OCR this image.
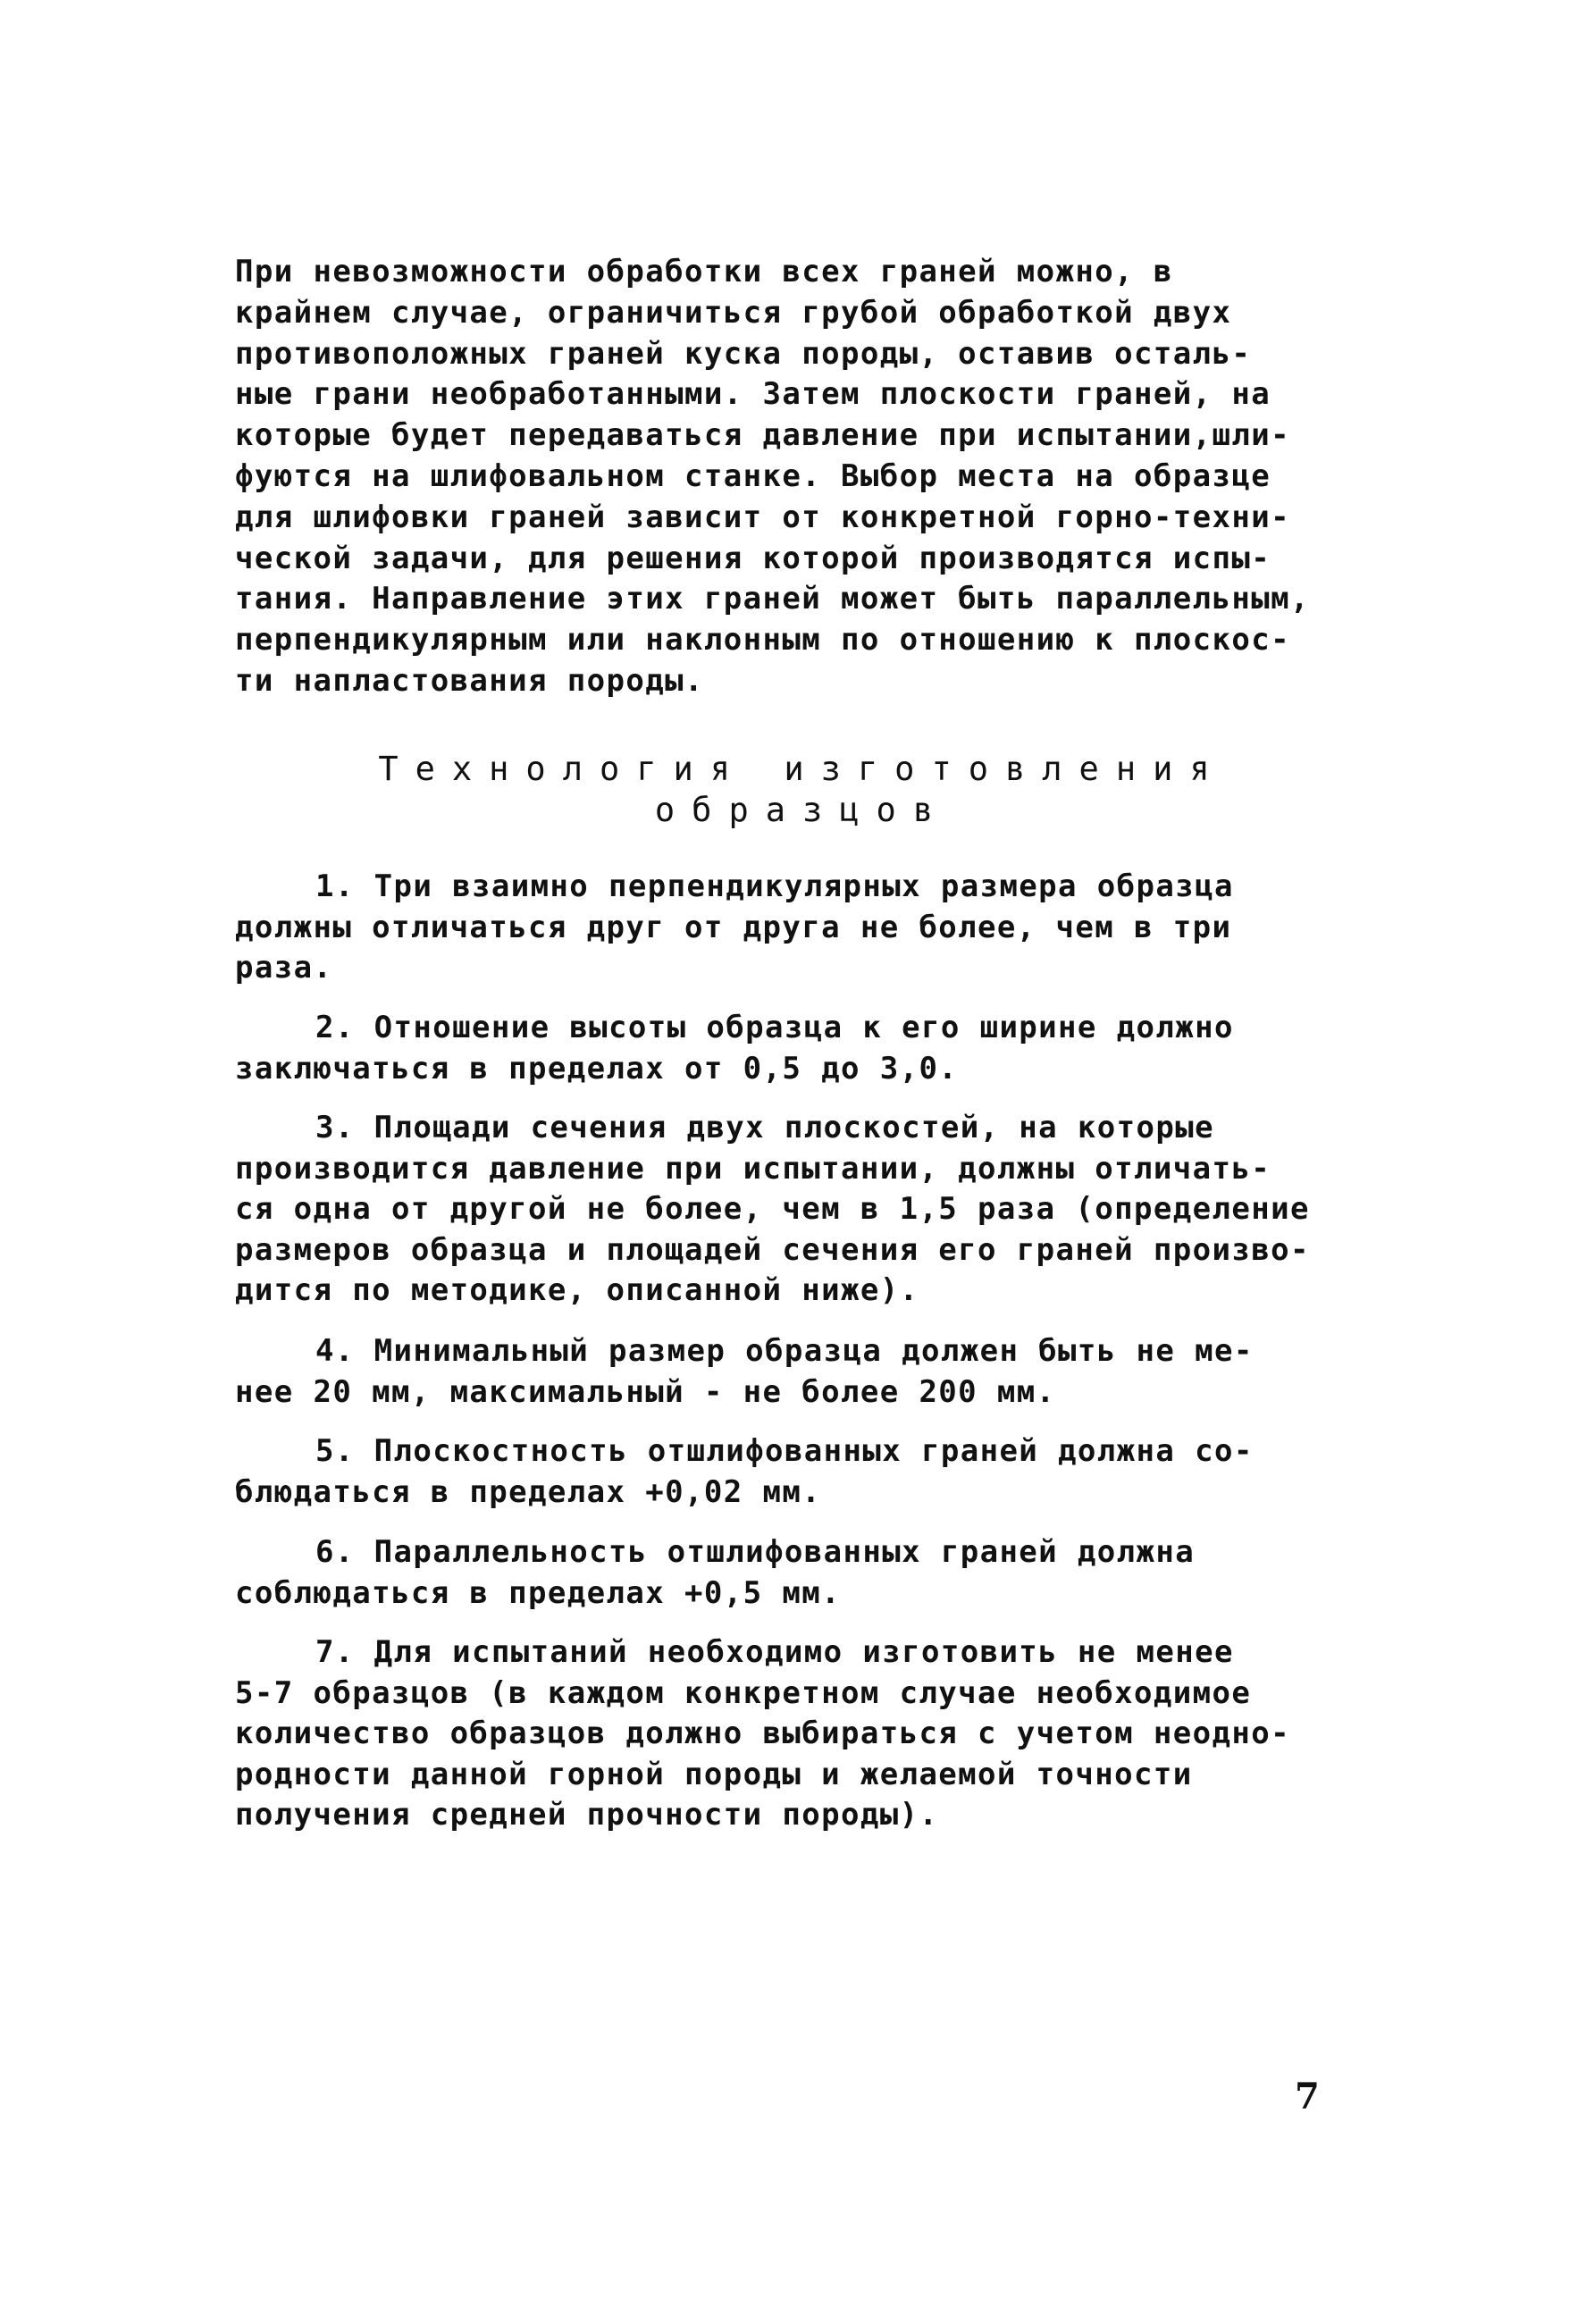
При невозможности обработки всех граней можно, в
крайнем случае, ограничиться грубой обработкой двух
противоположных граней куска породы, оставив осталь-
ные грани необработанными. Затем плоскости граней, на
которые будет передаваться давление при испытании,шли-
фуются на шлифовальном станке. Выбор места на образце
для шлифовки граней зависит от конкретной горно-техни-
ческой задачи, для решения которой производятся испы-
тания. Направление этих граней может быть параллельным,
перпендикулярным или наклонным по отношению к плоскос-
ти напластования породы.
Технология изготовления
образцов
1. Три взаимно перпендикулярных размера образца
должны отличаться друг от друга не более, чем в три
раза.
2. Отношение высоты образца к его ширине должно
заключаться в пределах от 0,5 до 3,0.
3. Площади сечения двух плоскостей, на которые
производится давление при испытании, должны отличать-
ся одна от другой не более, чем в 1,5 раза (определение
размеров образца и площадей сечения его граней произво-
дится по методике, описанной ниже).
4. Минимальный размер образца должен быть не ме-
нее 20 мм, максимальный - не более 200 мм.
5. Плоскостность отшлифованных граней должна со-
блюдаться в пределах +0,02 мм.
6. Параллельность отшлифованных граней должна
соблюдаться в пределах +0,5 мм.
7. Для испытаний необходимо изготовить не менее
5-7 образцов (в каждом конкретном случае необходимое
количество образцов должно выбираться с учетом неодно-
родности данной горной породы и желаемой точности
получения средней прочности породы).
7
